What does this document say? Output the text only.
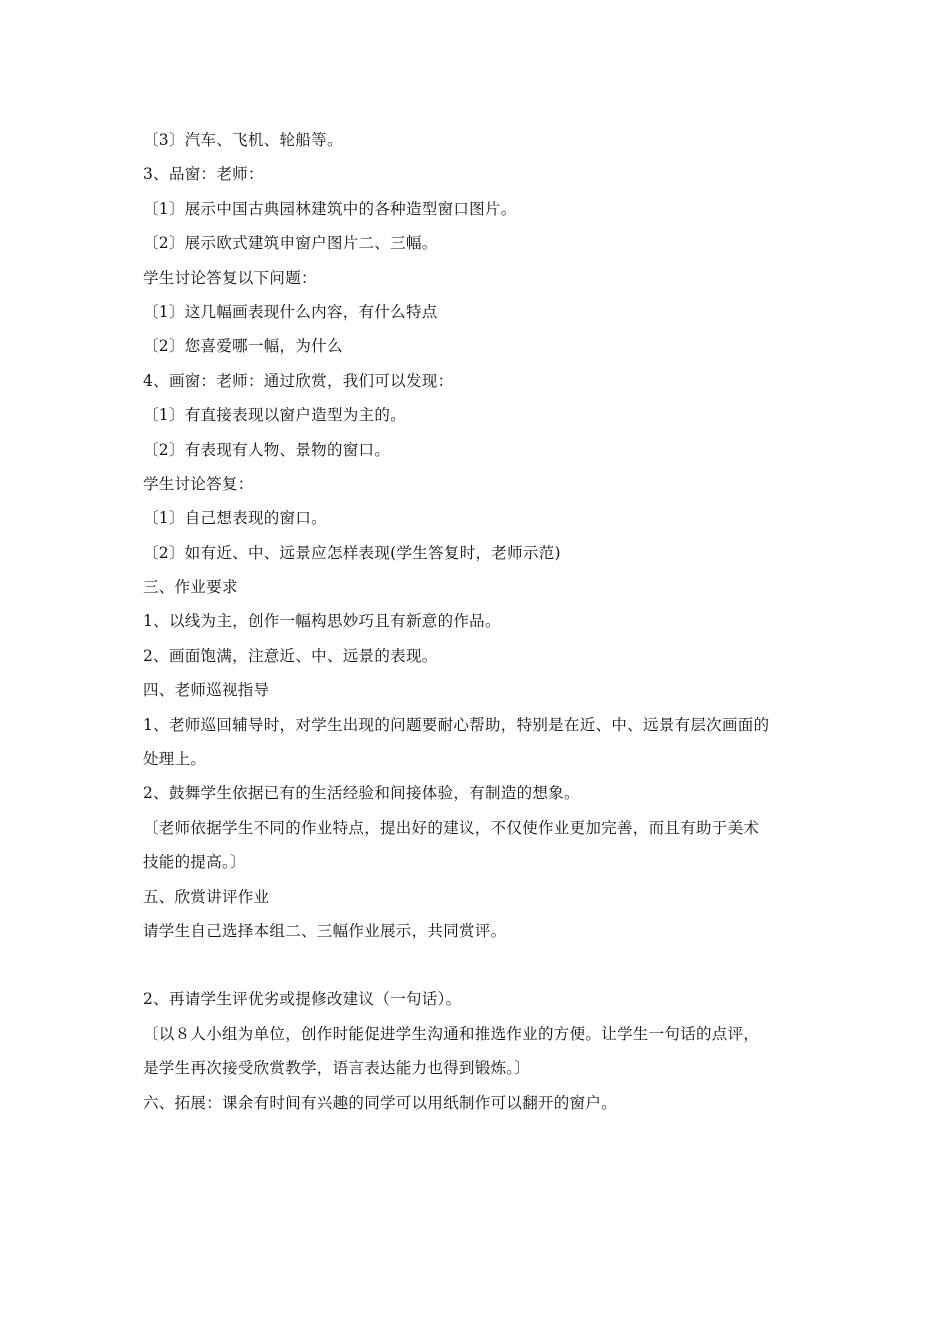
〔3〕汽车、飞机、轮船等。
3、品窗：老师：
〔1〕展示中国古典园林建筑中的各种造型窗口图片。
〔2〕展示欧式建筑申窗户图片二、三幅。
学生讨论答复以下问题：
〔1〕这几幅画表现什么内容，有什么特点
〔2〕您喜爱哪一幅，为什么
4、画窗：老师：通过欣赏，我们可以发现：
〔1〕有直接表现以窗户造型为主的。
〔2〕有表现有人物、景物的窗口。
学生讨论答复：
〔1〕自己想表现的窗口。
〔2〕如有近、中、远景应怎样表现(学生答复时，老师示范)
三、作业要求
1、以线为主，创作一幅构思妙巧且有新意的作品。
2、画面饱满，注意近、中、远景的表现。
四、老师巡视指导
1、老师巡回辅导时，对学生出现的问题要耐心帮助，特别是在近、中、远景有层次画面的
处理上。
2、鼓舞学生依据已有的生活经验和间接体验，有制造的想象。
〔老师依据学生不同的作业特点，提出好的建议，不仅使作业更加完善，而且有助于美术
技能的提高。〕
五、欣赏讲评作业
请学生自己选择本组二、三幅作业展示，共同赏评。
2、再请学生评优劣或提修改建议（一句话）。
〔以８人小组为单位，创作时能促进学生沟通和推选作业的方便。让学生一句话的点评，
是学生再次接受欣赏教学，语言表达能力也得到锻炼。〕
六、拓展：课余有时间有兴趣的同学可以用纸制作可以翻开的窗户。
